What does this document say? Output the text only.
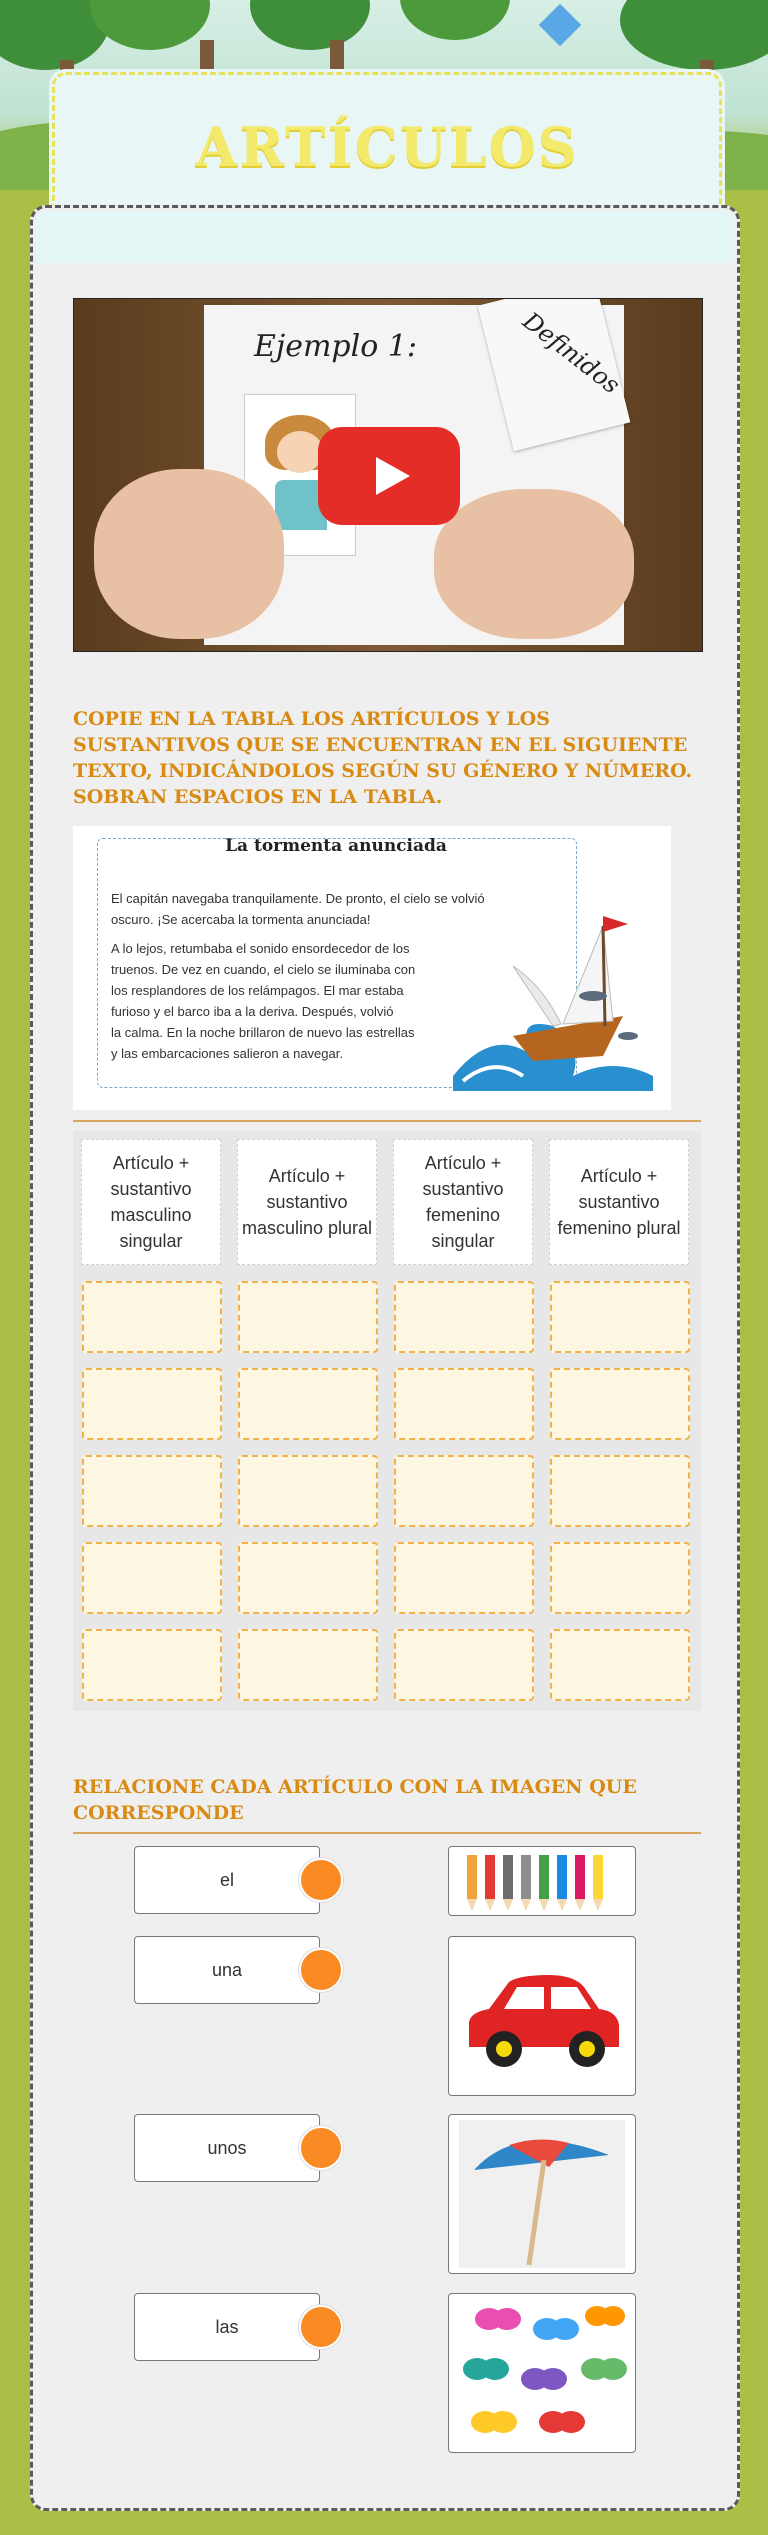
ARTÍCULOS
Ejemplo 1:	Definidos
COPIE EN LA TABLA LOS ARTÍCULOS Y LOS SUSTANTIVOS QUE SE ENCUENTRAN EN EL SIGUIENTE TEXTO, INDICÁNDOLOS SEGÚN SU GÉNERO Y NÚMERO. SOBRAN ESPACIOS EN LA TABLA.
La tormenta anunciada

El capitán navegaba tranquilamente. De pronto, el cielo se volvió

oscuro. ¡Se acercaba la tormenta anunciada!

A lo lejos, retumbaba el sonido ensordecedor de los

truenos. De vez en cuando, el cielo se iluminaba con

los resplandores de los relámpagos. El mar estaba

furioso y el barco iba a la deriva. Después, volvió

la calma. En la noche brillaron de nuevo las estrellas

y las embarcaciones salieron a navegar.

Artículo + sustantivo masculino singular
Artículo + sustantivo masculino plural
Artículo + sustantivo femenino singular
Artículo + sustantivo femenino plural
RELACIONE CADA ARTÍCULO CON LA IMAGEN QUE CORRESPONDE
el
una
unos
las
